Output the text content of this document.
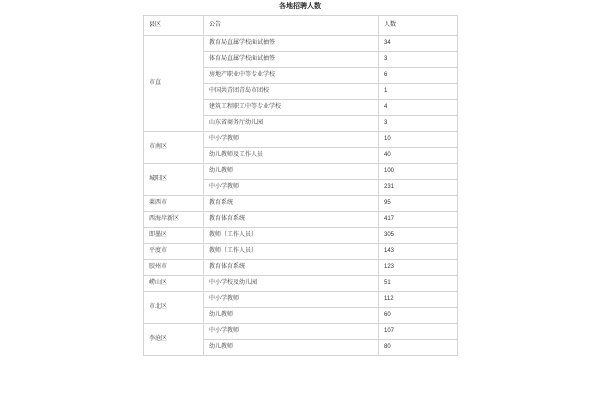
各地招聘人数
县区	公告	人数
市直	教育局直属学校面试抽签	34
	体育局直属学校面试抽签	3
	房地产职业中等专业学校	6
	中国共青团青岛市团校	1
	建筑工程职工中等专业学校	4
	山东省商务厅幼儿园	3
市南区	中小学教师	10
	幼儿教师及工作人员	40
城阳区	幼儿教师	100
	中小学教师	231
莱西市	教育系统	95
西海岸新区	教育体育系统	417
即墨区	教师（工作人员）	305
平度市	教师（工作人员）	143
胶州市	教育体育系统	123
崂山区	中小学校及幼儿园	51
市北区	中小学教师	112
	幼儿教师	60
李沧区	中小学教师	107
	幼儿教师	80
